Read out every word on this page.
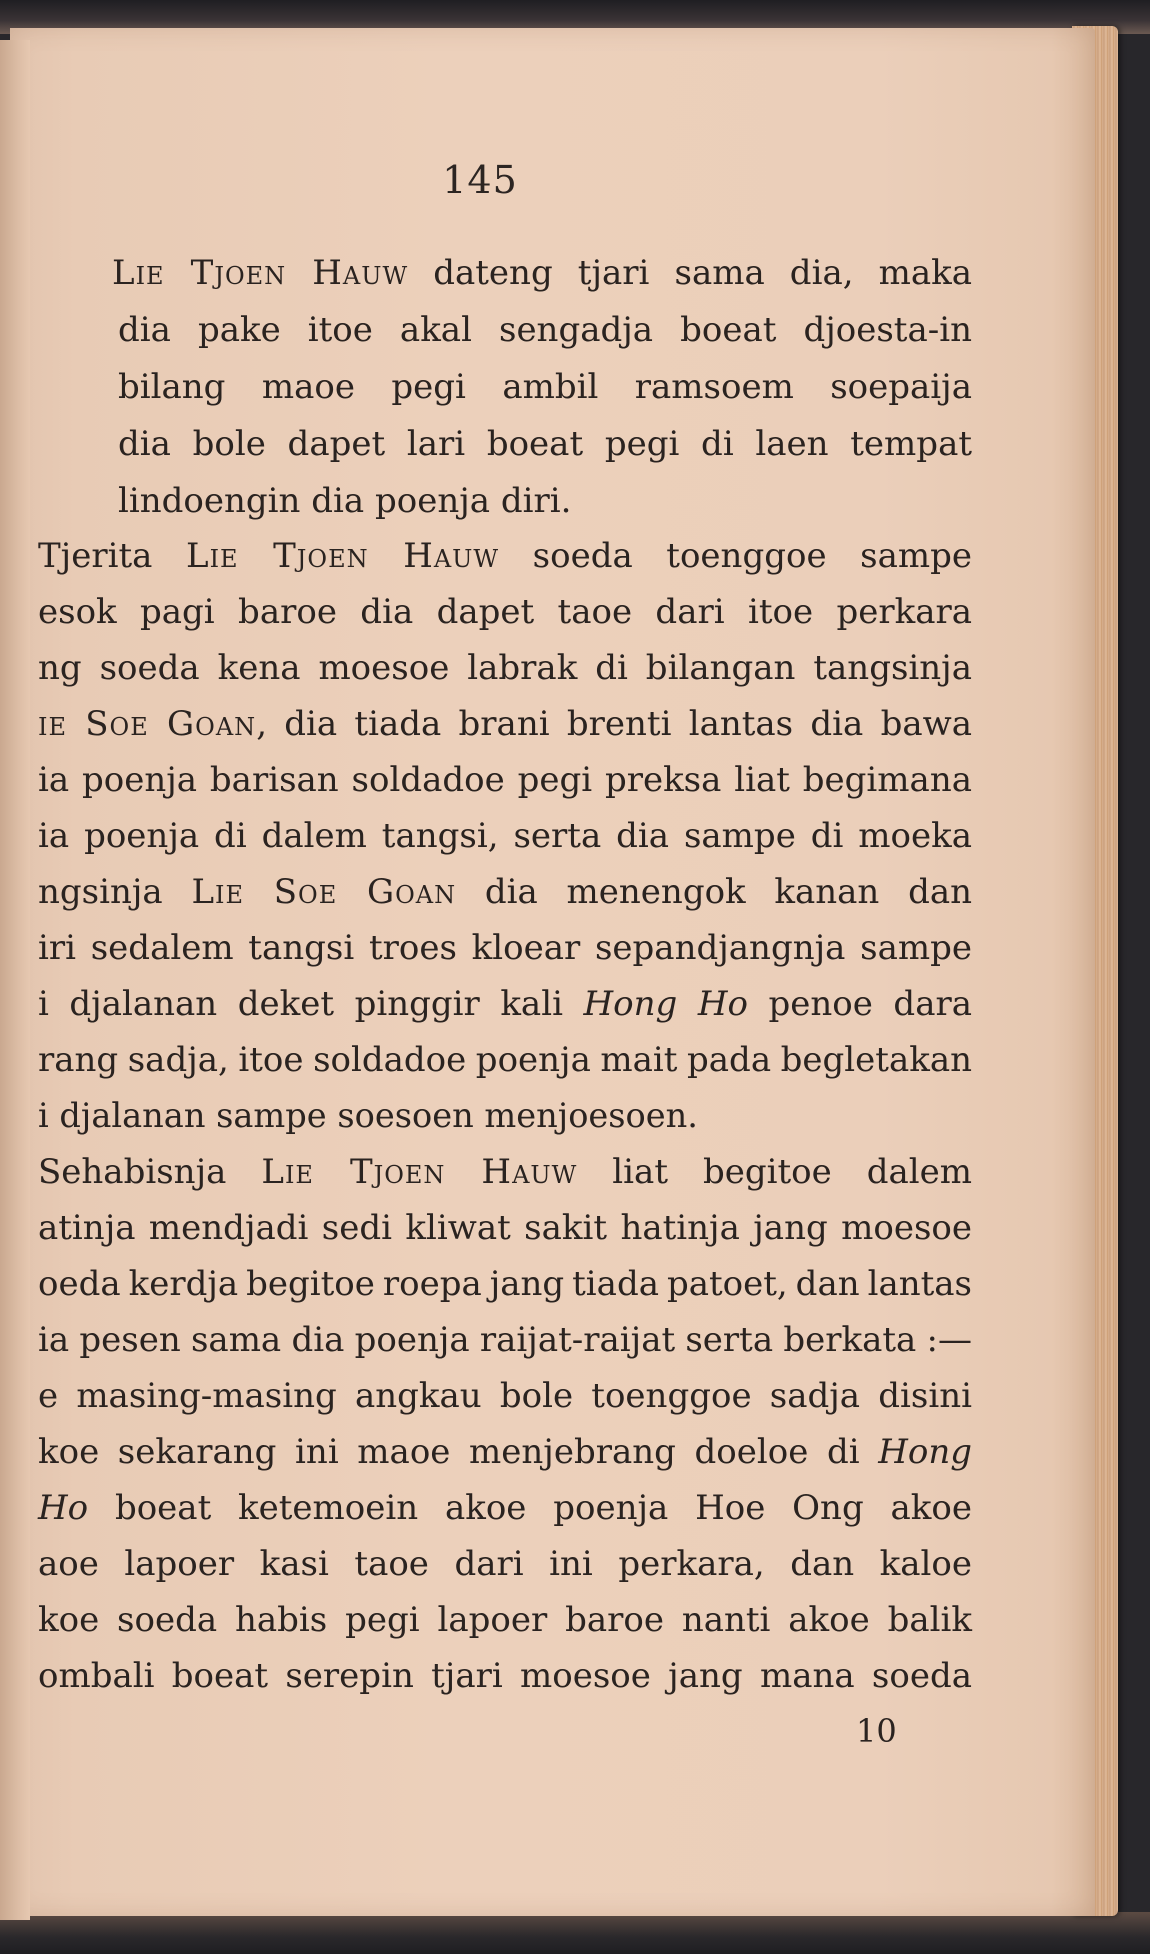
145
Lie Tjoen Hauw dateng tjari sama dia, maka
dia pake itoe akal sengadja boeat djoesta-in
bilang maoe pegi ambil ramsoem soepaija
dia bole dapet lari boeat pegi di laen tempat
lindoengin dia poenja diri.
Tjerita Lie Tjoen Hauw soeda toenggoe sampe
esok pagi baroe dia dapet taoe dari itoe perkara
ng soeda kena moesoe labrak di bilangan tangsinja
ie Soe Goan, dia tiada brani brenti lantas dia bawa
ia poenja barisan soldadoe pegi preksa liat begimana
ia poenja di dalem tangsi, serta dia sampe di moeka
ngsinja Lie Soe Goan dia menengok kanan dan
iri sedalem tangsi troes kloear sepandjangnja sampe
i djalanan deket pinggir kali Hong Ho penoe dara
rang sadja, itoe soldadoe poenja mait pada begletakan
i djalanan sampe soesoen menjoesoen.
Sehabisnja Lie Tjoen Hauw liat begitoe dalem
atinja mendjadi sedi kliwat sakit hatinja jang moesoe
oeda kerdja begitoe roepa jang tiada patoet, dan lantas
ia pesen sama dia poenja raijat-raijat serta berkata :—
e masing-masing angkau bole toenggoe sadja disini
koe sekarang ini maoe menjebrang doeloe di Hong
Ho boeat ketemoein akoe poenja Hoe Ong akoe
aoe lapoer kasi taoe dari ini perkara, dan kaloe
koe soeda habis pegi lapoer baroe nanti akoe balik
ombali boeat serepin tjari moesoe jang mana soeda
10
